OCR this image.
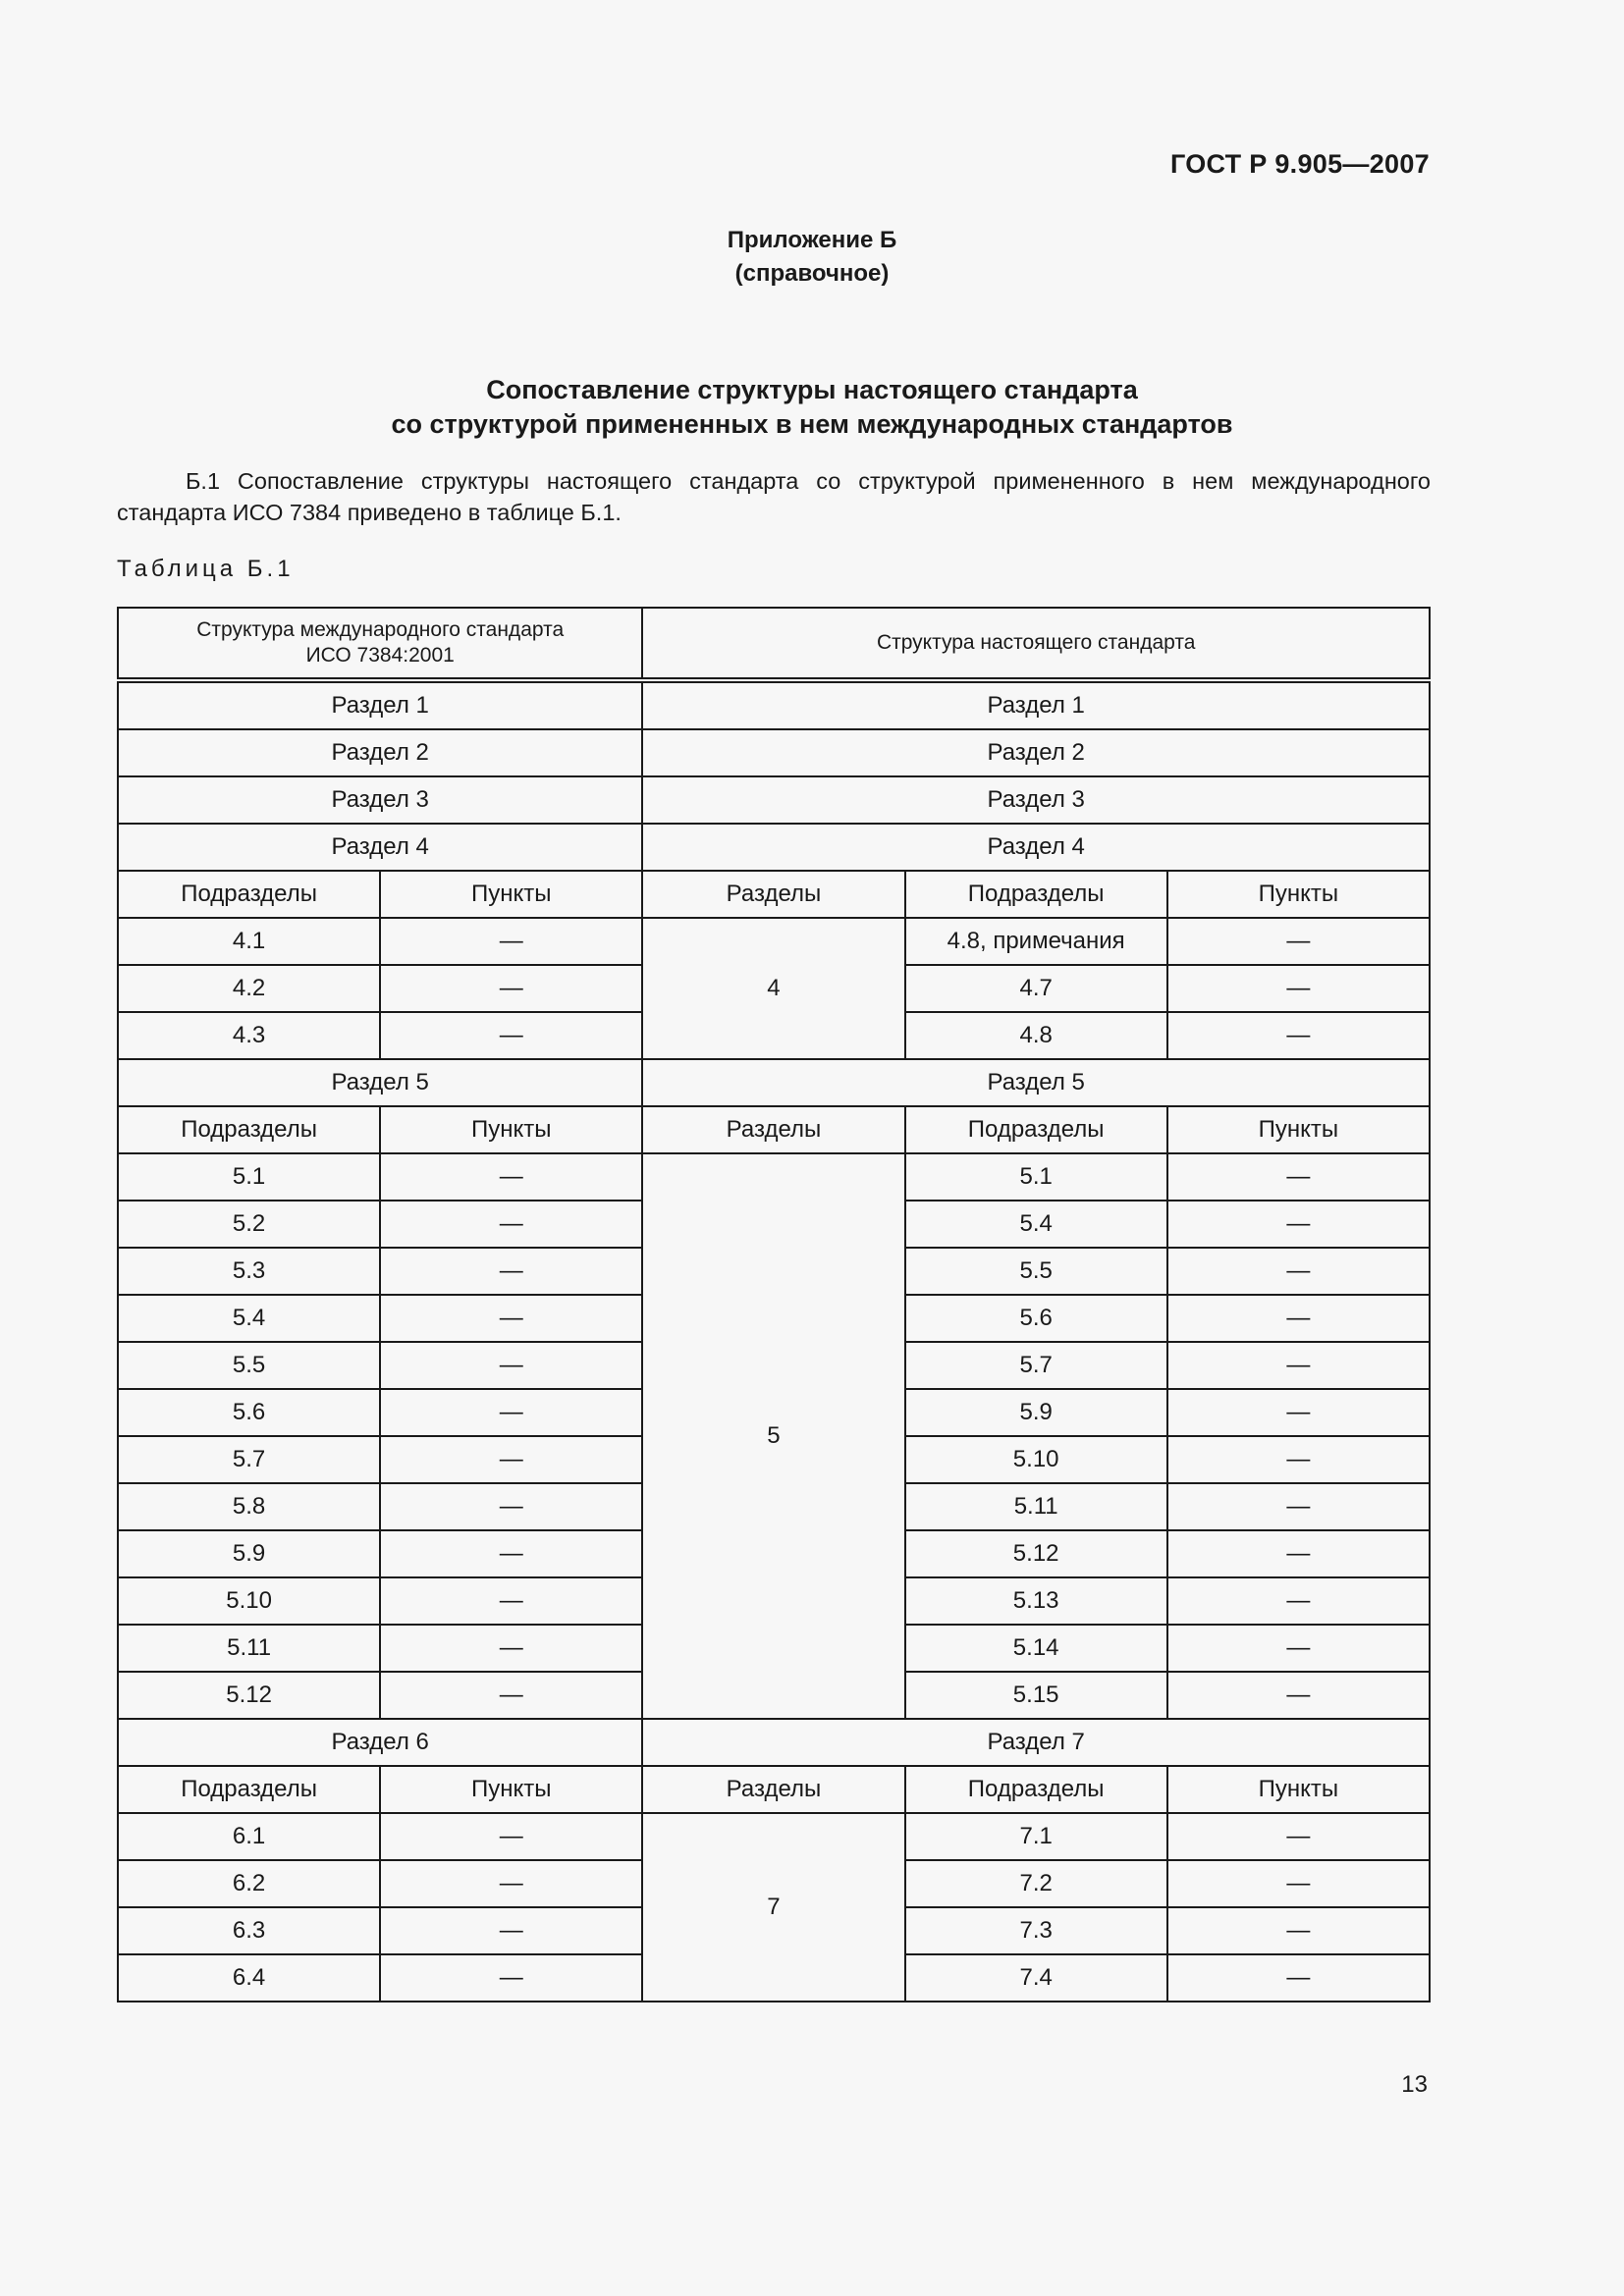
ГОСТ Р 9.905—2007
Приложение Б
(справочное)
Сопоставление структуры настоящего стандарта
со структурой примененных в нем международных стандартов
Б.1 Сопоставление структуры настоящего стандарта со структурой примененного в нем международного стандарта ИСО 7384 приведено в таблице Б.1.
Таблица Б.1
Структура международного стандарта
ИСО 7384:2001		Структура настоящего стандарта		
Раздел 1		Раздел 1		
Раздел 2		Раздел 2		
Раздел 3		Раздел 3		
Раздел 4		Раздел 4		
Подразделы	Пункты	Разделы	Подразделы	Пункты
4.1	—	4	4.8, примечания	—
4.2	—		4.7	—
4.3	—		4.8	—
Раздел 5		Раздел 5		
Подразделы	Пункты	Разделы	Подразделы	Пункты
5.1	—	5	5.1	—
5.2	—		5.4	—
5.3	—		5.5	—
5.4	—		5.6	—
5.5	—		5.7	—
5.6	—		5.9	—
5.7	—		5.10	—
5.8	—		5.11	—
5.9	—		5.12	—
5.10	—		5.13	—
5.11	—		5.14	—
5.12	—		5.15	—
Раздел 6		Раздел 7		
Подразделы	Пункты	Разделы	Подразделы	Пункты
6.1	—	7	7.1	—
6.2	—		7.2	—
6.3	—		7.3	—
6.4	—		7.4	—
13
